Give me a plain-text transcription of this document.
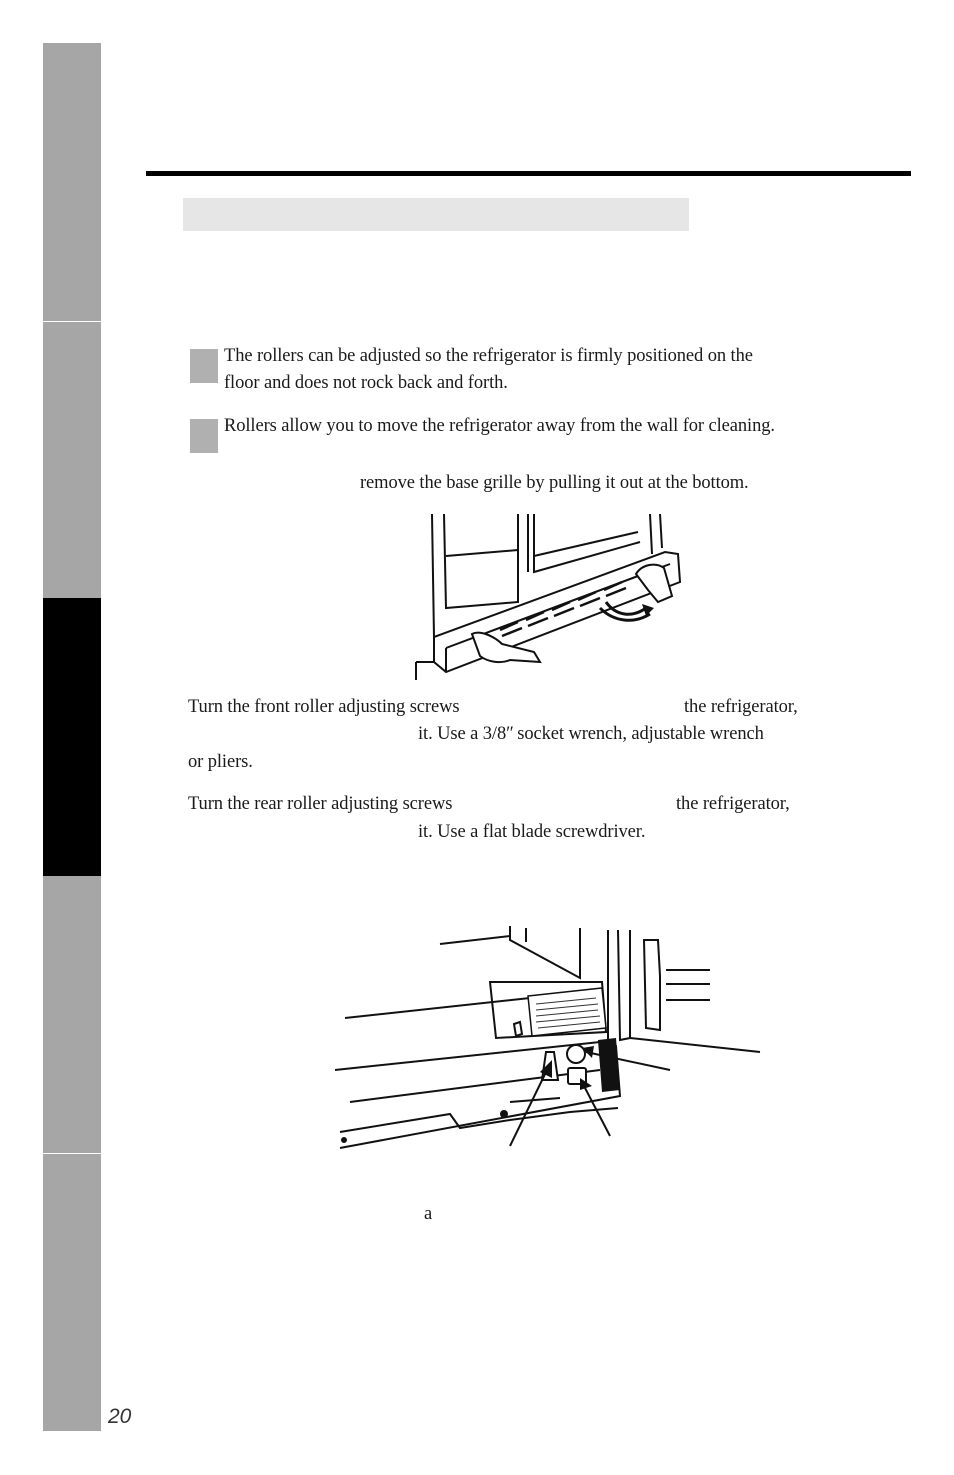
The rollers can be adjusted so the refrigerator is firmly positioned on the
floor and does not rock back and forth.
Rollers allow you to move the refrigerator away from the wall for cleaning.
remove the base grille by pulling it out at the bottom.
Turn the front roller adjusting screws	the refrigerator,
it. Use a 3/8ʺ socket wrench, adjustable wrench
or pliers.
Turn the rear roller adjusting screws	the refrigerator,
it. Use a flat blade screwdriver.
a
20
